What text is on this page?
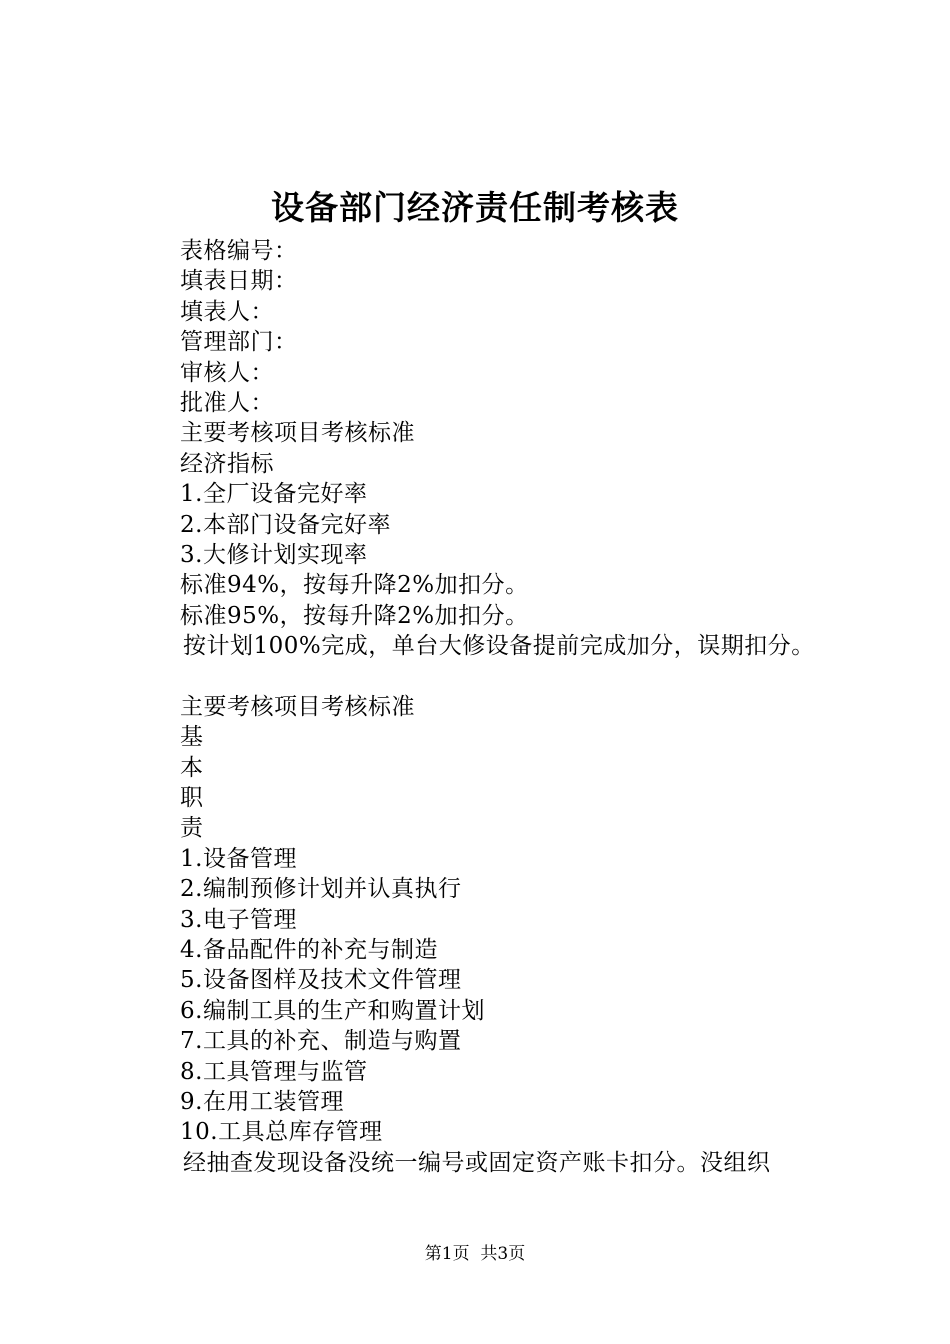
设备部门经济责任制考核表
表格编号：
填表日期：
填表人：
管理部门：
审核人：
批准人：
主要考核项目考核标准
经济指标
1.全厂设备完好率
2.本部门设备完好率
3.大修计划实现率
标准94%，按每升降2%加扣分。
标准95%，按每升降2%加扣分。
按计划100%完成，单台大修设备提前完成加分，误期扣分。
主要考核项目考核标准
基
本
职
责
1.设备管理
2.编制预修计划并认真执行
3.电子管理
4.备品配件的补充与制造
5.设备图样及技术文件管理
6.编制工具的生产和购置计划
7.工具的补充、制造与购置
8.工具管理与监管
9.在用工装管理
10.工具总库存管理
经抽查发现设备没统一编号或固定资产账卡扣分。没组织
第1页  共3页
